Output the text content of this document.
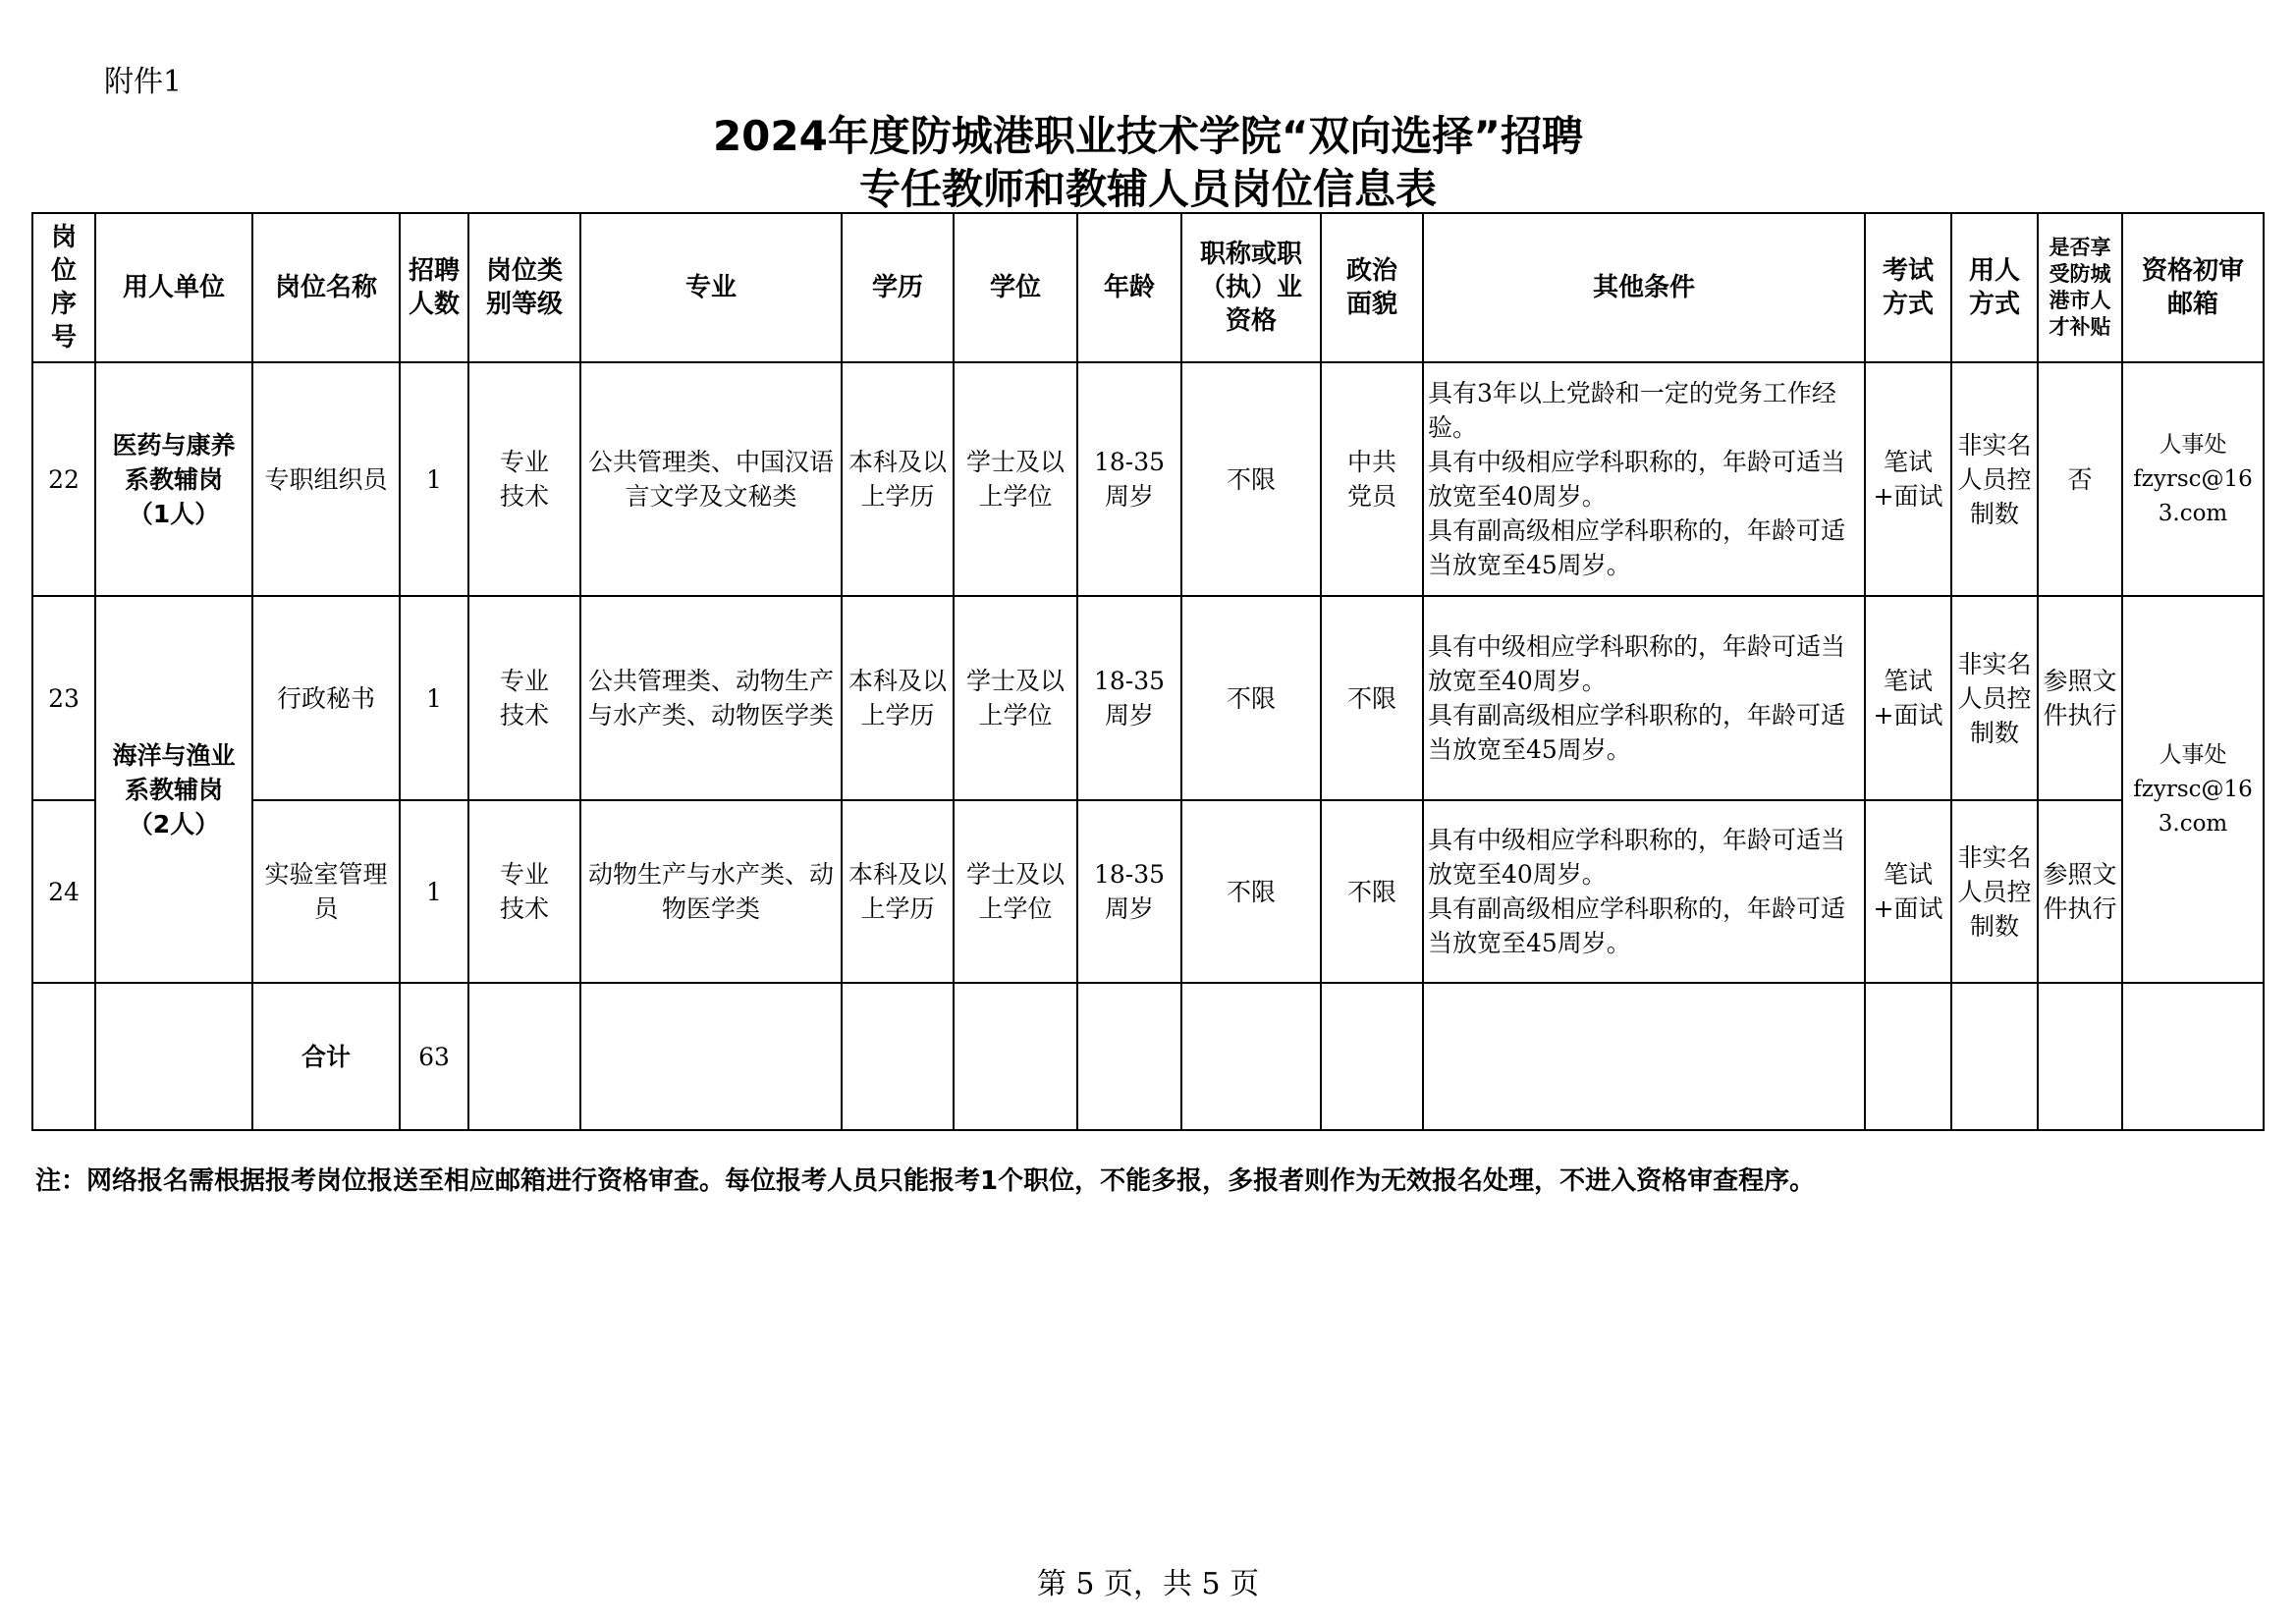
附件1
2024年度防城港职业技术学院“双向选择”招聘
专任教师和教辅人员岗位信息表
岗
位
序
号	用人单位	岗位名称	招聘
人数	岗位类
别等级	专业	学历	学位	年龄	职称或职
（执）业
资格	政治
面貌	其他条件	考试
方式	用人
方式	是否享
受防城
港市人
才补贴	资格初审
邮箱

22	医药与康养
系教辅岗
（1人）	专职组织员	1	专业
技术	公共管理类、中国汉语言文学及文秘类	本科及以上学历	学士及以上学位	18-35周岁	不限	中共
党员	具有3年以上党龄和一定的党务工作经验。
具有中级相应学科职称的，年龄可适当放宽至40周岁。
具有副高级相应学科职称的，年龄可适当放宽至45周岁。	笔试+面试	非实名人员控制数	否	人事处
fzyrsc@163.com

23	海洋与渔业
系教辅岗
（2人）	行政秘书	1	专业
技术	公共管理类、动物生产与水产类、动物医学类	本科及以上学历	学士及以上学位	18-35周岁	不限	不限	具有中级相应学科职称的，年龄可适当放宽至40周岁。
具有副高级相应学科职称的，年龄可适当放宽至45周岁。	笔试+面试	非实名人员控制数	参照文件执行	人事处
fzyrsc@163.com

24		实验室管理员	1	专业
技术	动物生产与水产类、动物医学类	本科及以上学历	学士及以上学位	18-35周岁	不限	不限	具有中级相应学科职称的，年龄可适当放宽至40周岁。
具有副高级相应学科职称的，年龄可适当放宽至45周岁。	笔试+面试	非实名人员控制数	参照文件执行	
		合计	63												
注：网络报名需根据报考岗位报送至相应邮箱进行资格审查。每位报考人员只能报考1个职位，不能多报，多报者则作为无效报名处理，不进入资格审查程序。
第 5 页，共 5 页
